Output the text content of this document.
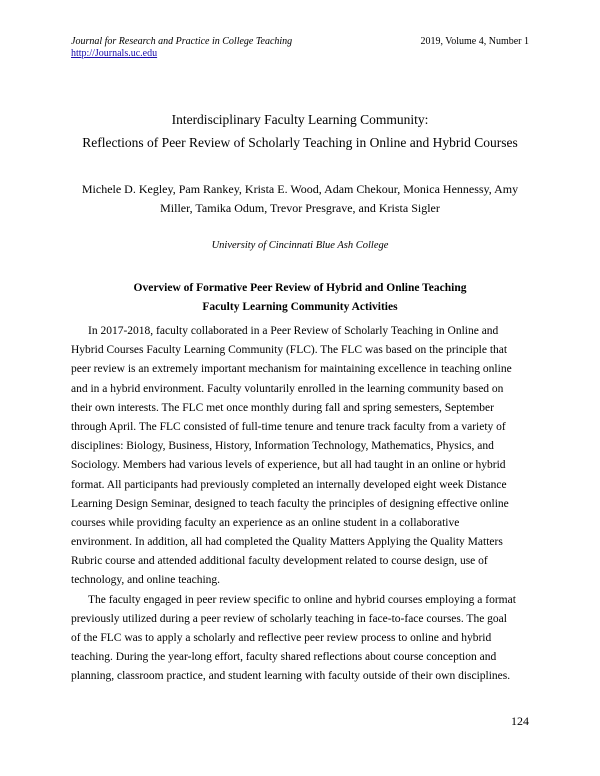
Journal for Research and Practice in College Teaching	2019, Volume 4, Number 1
http://Journals.uc.edu
Interdisciplinary Faculty Learning Community:
Reflections of Peer Review of Scholarly Teaching in Online and Hybrid Courses
Michele D. Kegley, Pam Rankey, Krista E. Wood, Adam Chekour, Monica Hennessy, Amy
Miller, Tamika Odum, Trevor Presgrave, and Krista Sigler
University of Cincinnati Blue Ash College
Overview of Formative Peer Review of Hybrid and Online Teaching
Faculty Learning Community Activities
In 2017-2018, faculty collaborated in a Peer Review of Scholarly Teaching in Online and
Hybrid Courses Faculty Learning Community (FLC). The FLC was based on the principle that
peer review is an extremely important mechanism for maintaining excellence in teaching online
and in a hybrid environment. Faculty voluntarily enrolled in the learning community based on
their own interests. The FLC met once monthly during fall and spring semesters, September
through April. The FLC consisted of full-time tenure and tenure track faculty from a variety of
disciplines: Biology, Business, History, Information Technology, Mathematics, Physics, and
Sociology. Members had various levels of experience, but all had taught in an online or hybrid
format. All participants had previously completed an internally developed eight week Distance
Learning Design Seminar, designed to teach faculty the principles of designing effective online
courses while providing faculty an experience as an online student in a collaborative
environment. In addition, all had completed the Quality Matters Applying the Quality Matters
Rubric course and attended additional faculty development related to course design, use of
technology, and online teaching.
The faculty engaged in peer review specific to online and hybrid courses employing a format
previously utilized during a peer review of scholarly teaching in face-to-face courses. The goal
of the FLC was to apply a scholarly and reflective peer review process to online and hybrid
teaching. During the year-long effort, faculty shared reflections about course conception and
planning, classroom practice, and student learning with faculty outside of their own disciplines.
124
